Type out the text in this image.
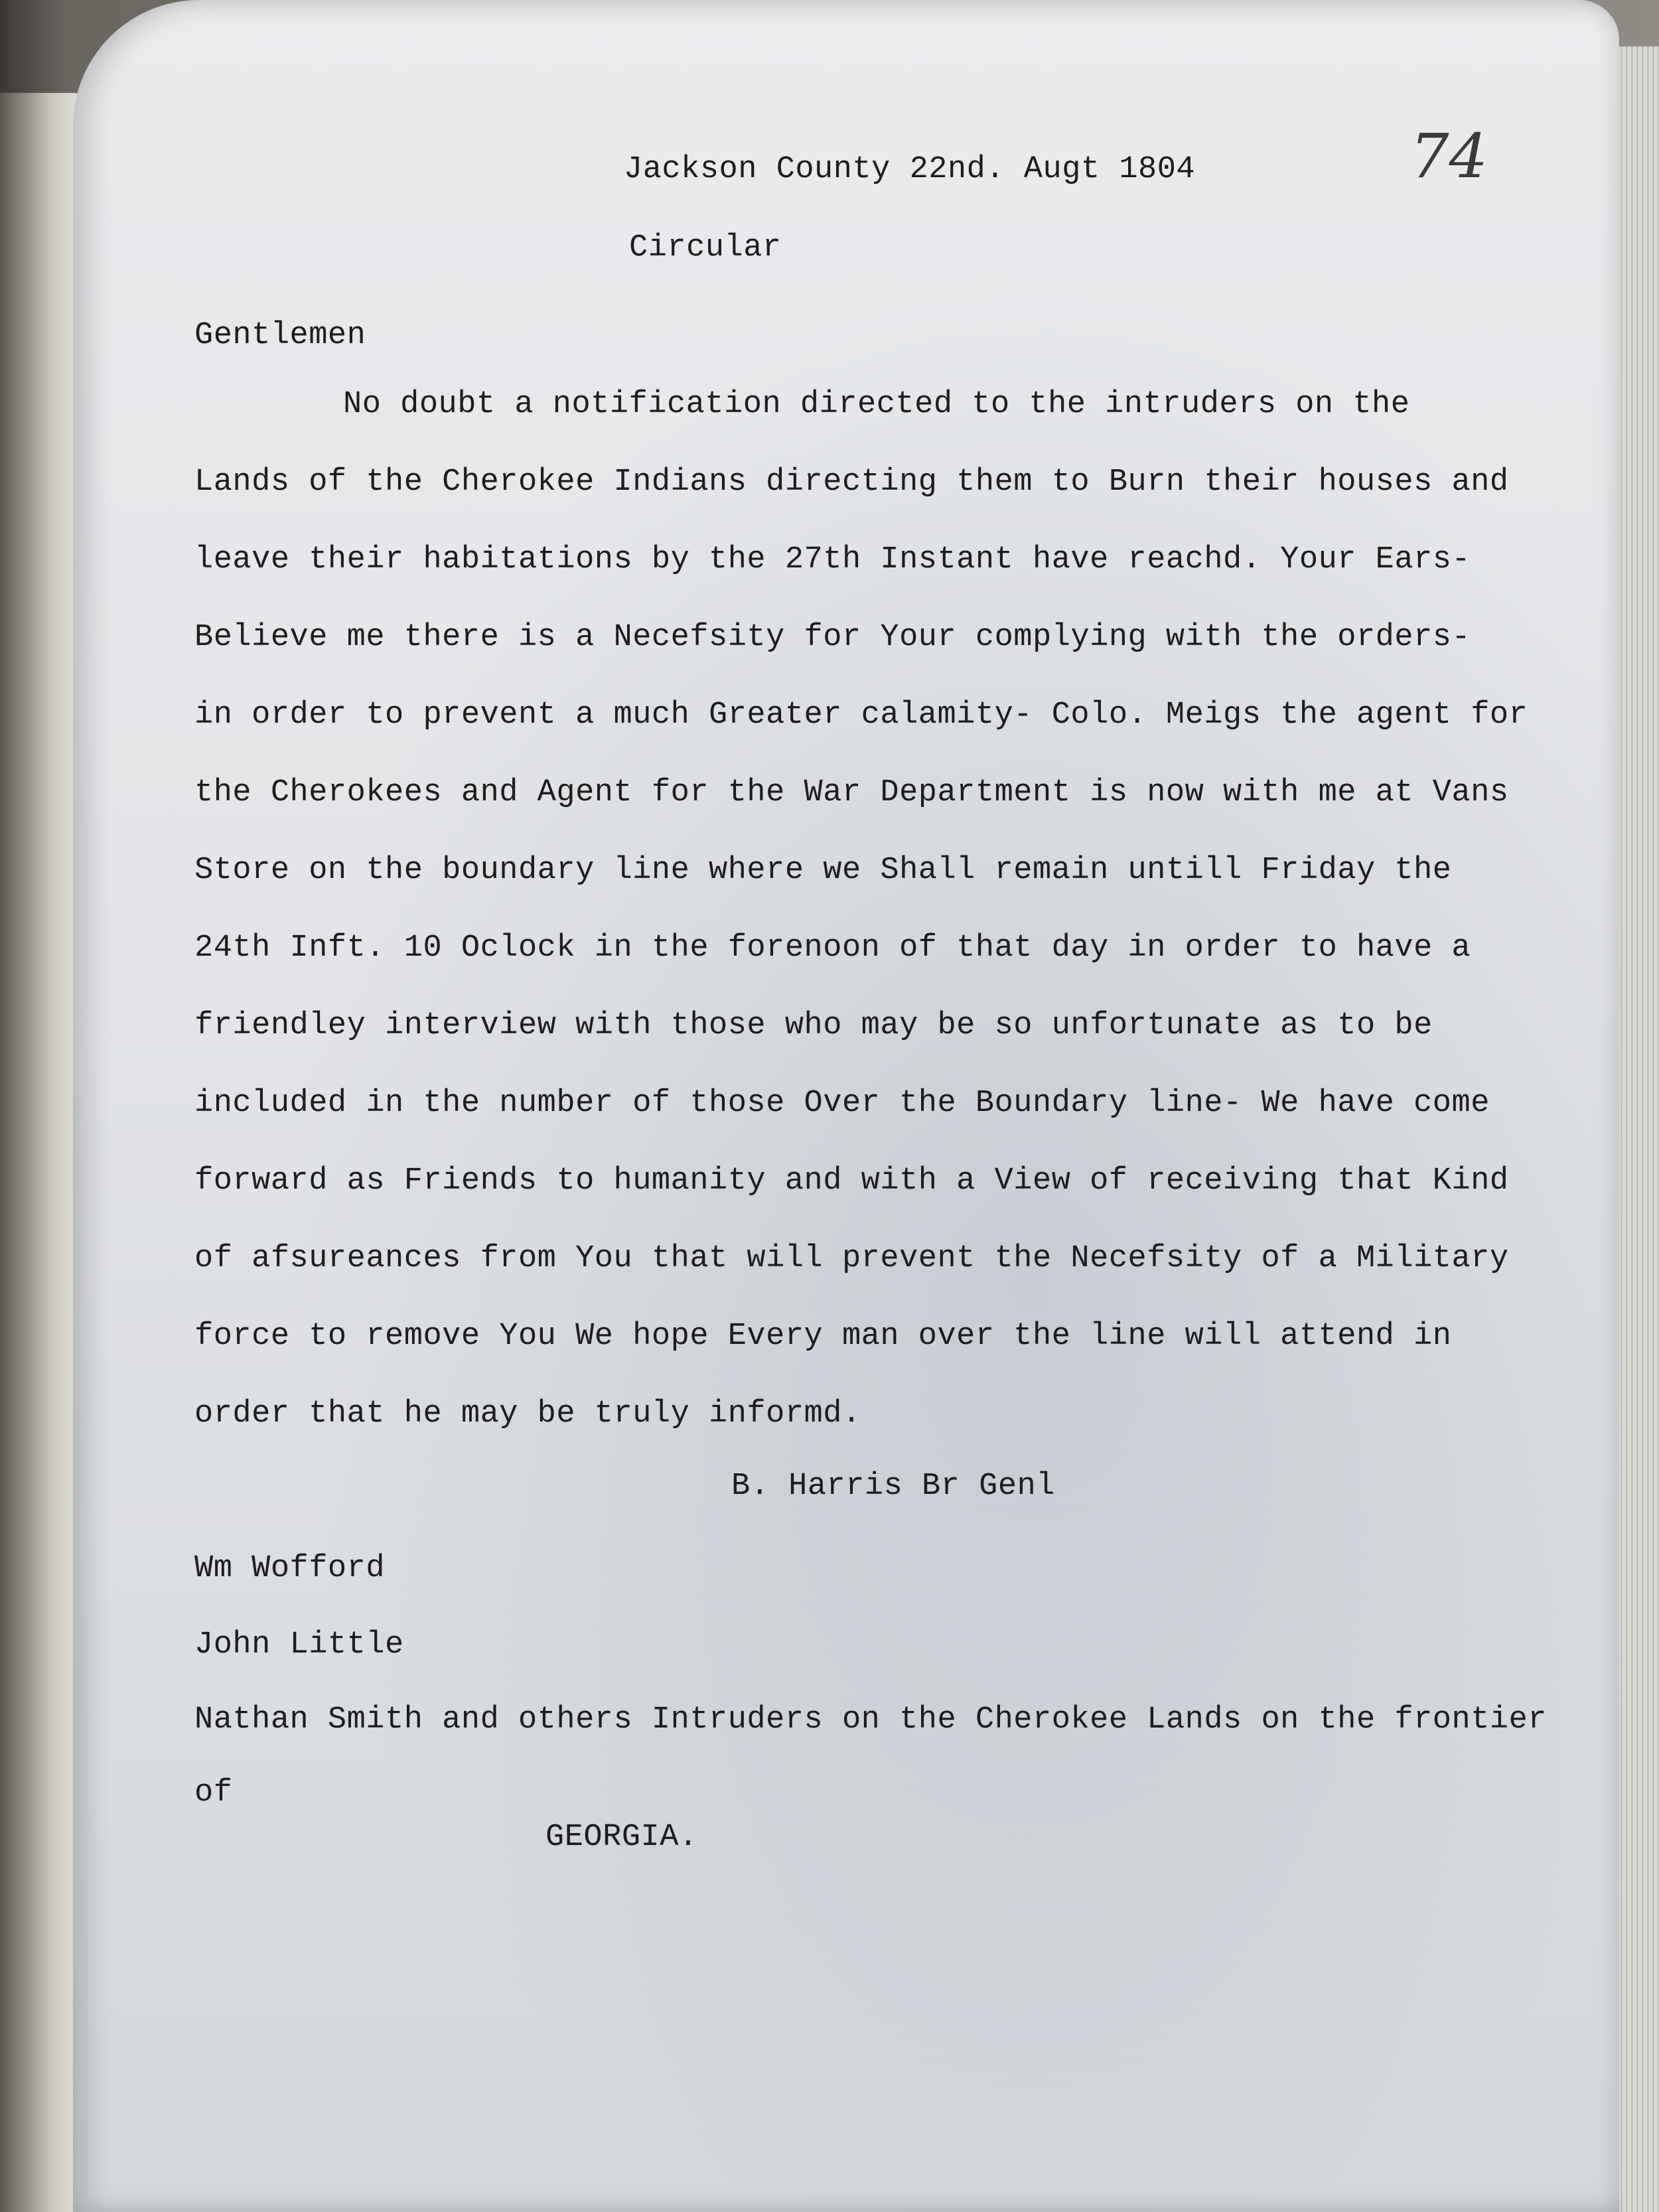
74

Jackson County 22nd. Augt 1804

Circular

Gentlemen

No doubt a notification directed to the intruders on the

Lands of the Cherokee Indians directing them to Burn their houses and

leave their habitations by the 27th Instant have reachd. Your Ears-

Believe me there is a Necefsity for Your complying with the orders-

in order to prevent a much Greater calamity- Colo. Meigs the agent for

the Cherokees and Agent for the War Department is now with me at Vans

Store on the boundary line where we Shall remain untill Friday the

24th Inft. 10 Oclock in the forenoon of that day in order to have a

friendley interview with those who may be so unfortunate as to be

included in the number of those Over the Boundary line- We have come

forward as Friends to humanity and with a View of receiving that Kind

of afsureances from You that will prevent the Necefsity of a Military

force to remove You We hope Every man over the line will attend in

order that he may be truly informd.

B. Harris Br Genl

Wm Wofford

John Little

Nathan Smith and others Intruders on the Cherokee Lands on the frontier

of

GEORGIA.
